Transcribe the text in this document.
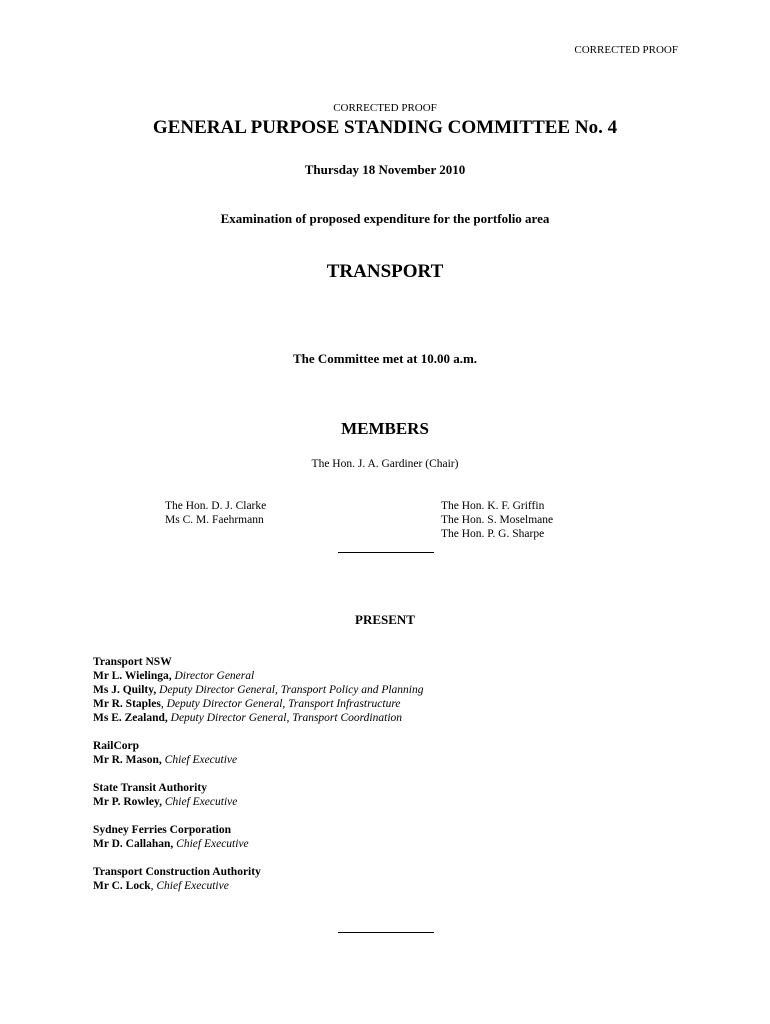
CORRECTED PROOF
CORRECTED PROOF
GENERAL PURPOSE STANDING COMMITTEE No. 4
Thursday 18 November 2010
Examination of proposed expenditure for the portfolio area
TRANSPORT
The Committee met at 10.00 a.m.
MEMBERS
The Hon. J. A. Gardiner (Chair)
The Hon. D. J. Clarke
Ms C. M. Faehrmann
The Hon. K. F. Griffin
The Hon. S. Moselmane
The Hon. P. G. Sharpe
PRESENT
Transport NSW
Mr L. Wielinga, Director General
Ms J. Quilty, Deputy Director General, Transport Policy and Planning
Mr R. Staples, Deputy Director General, Transport Infrastructure
Ms E. Zealand, Deputy Director General, Transport Coordination
RailCorp
Mr R. Mason, Chief Executive
State Transit Authority
Mr P. Rowley, Chief Executive
Sydney Ferries Corporation
Mr D. Callahan, Chief Executive
Transport Construction Authority
Mr C. Lock, Chief Executive
